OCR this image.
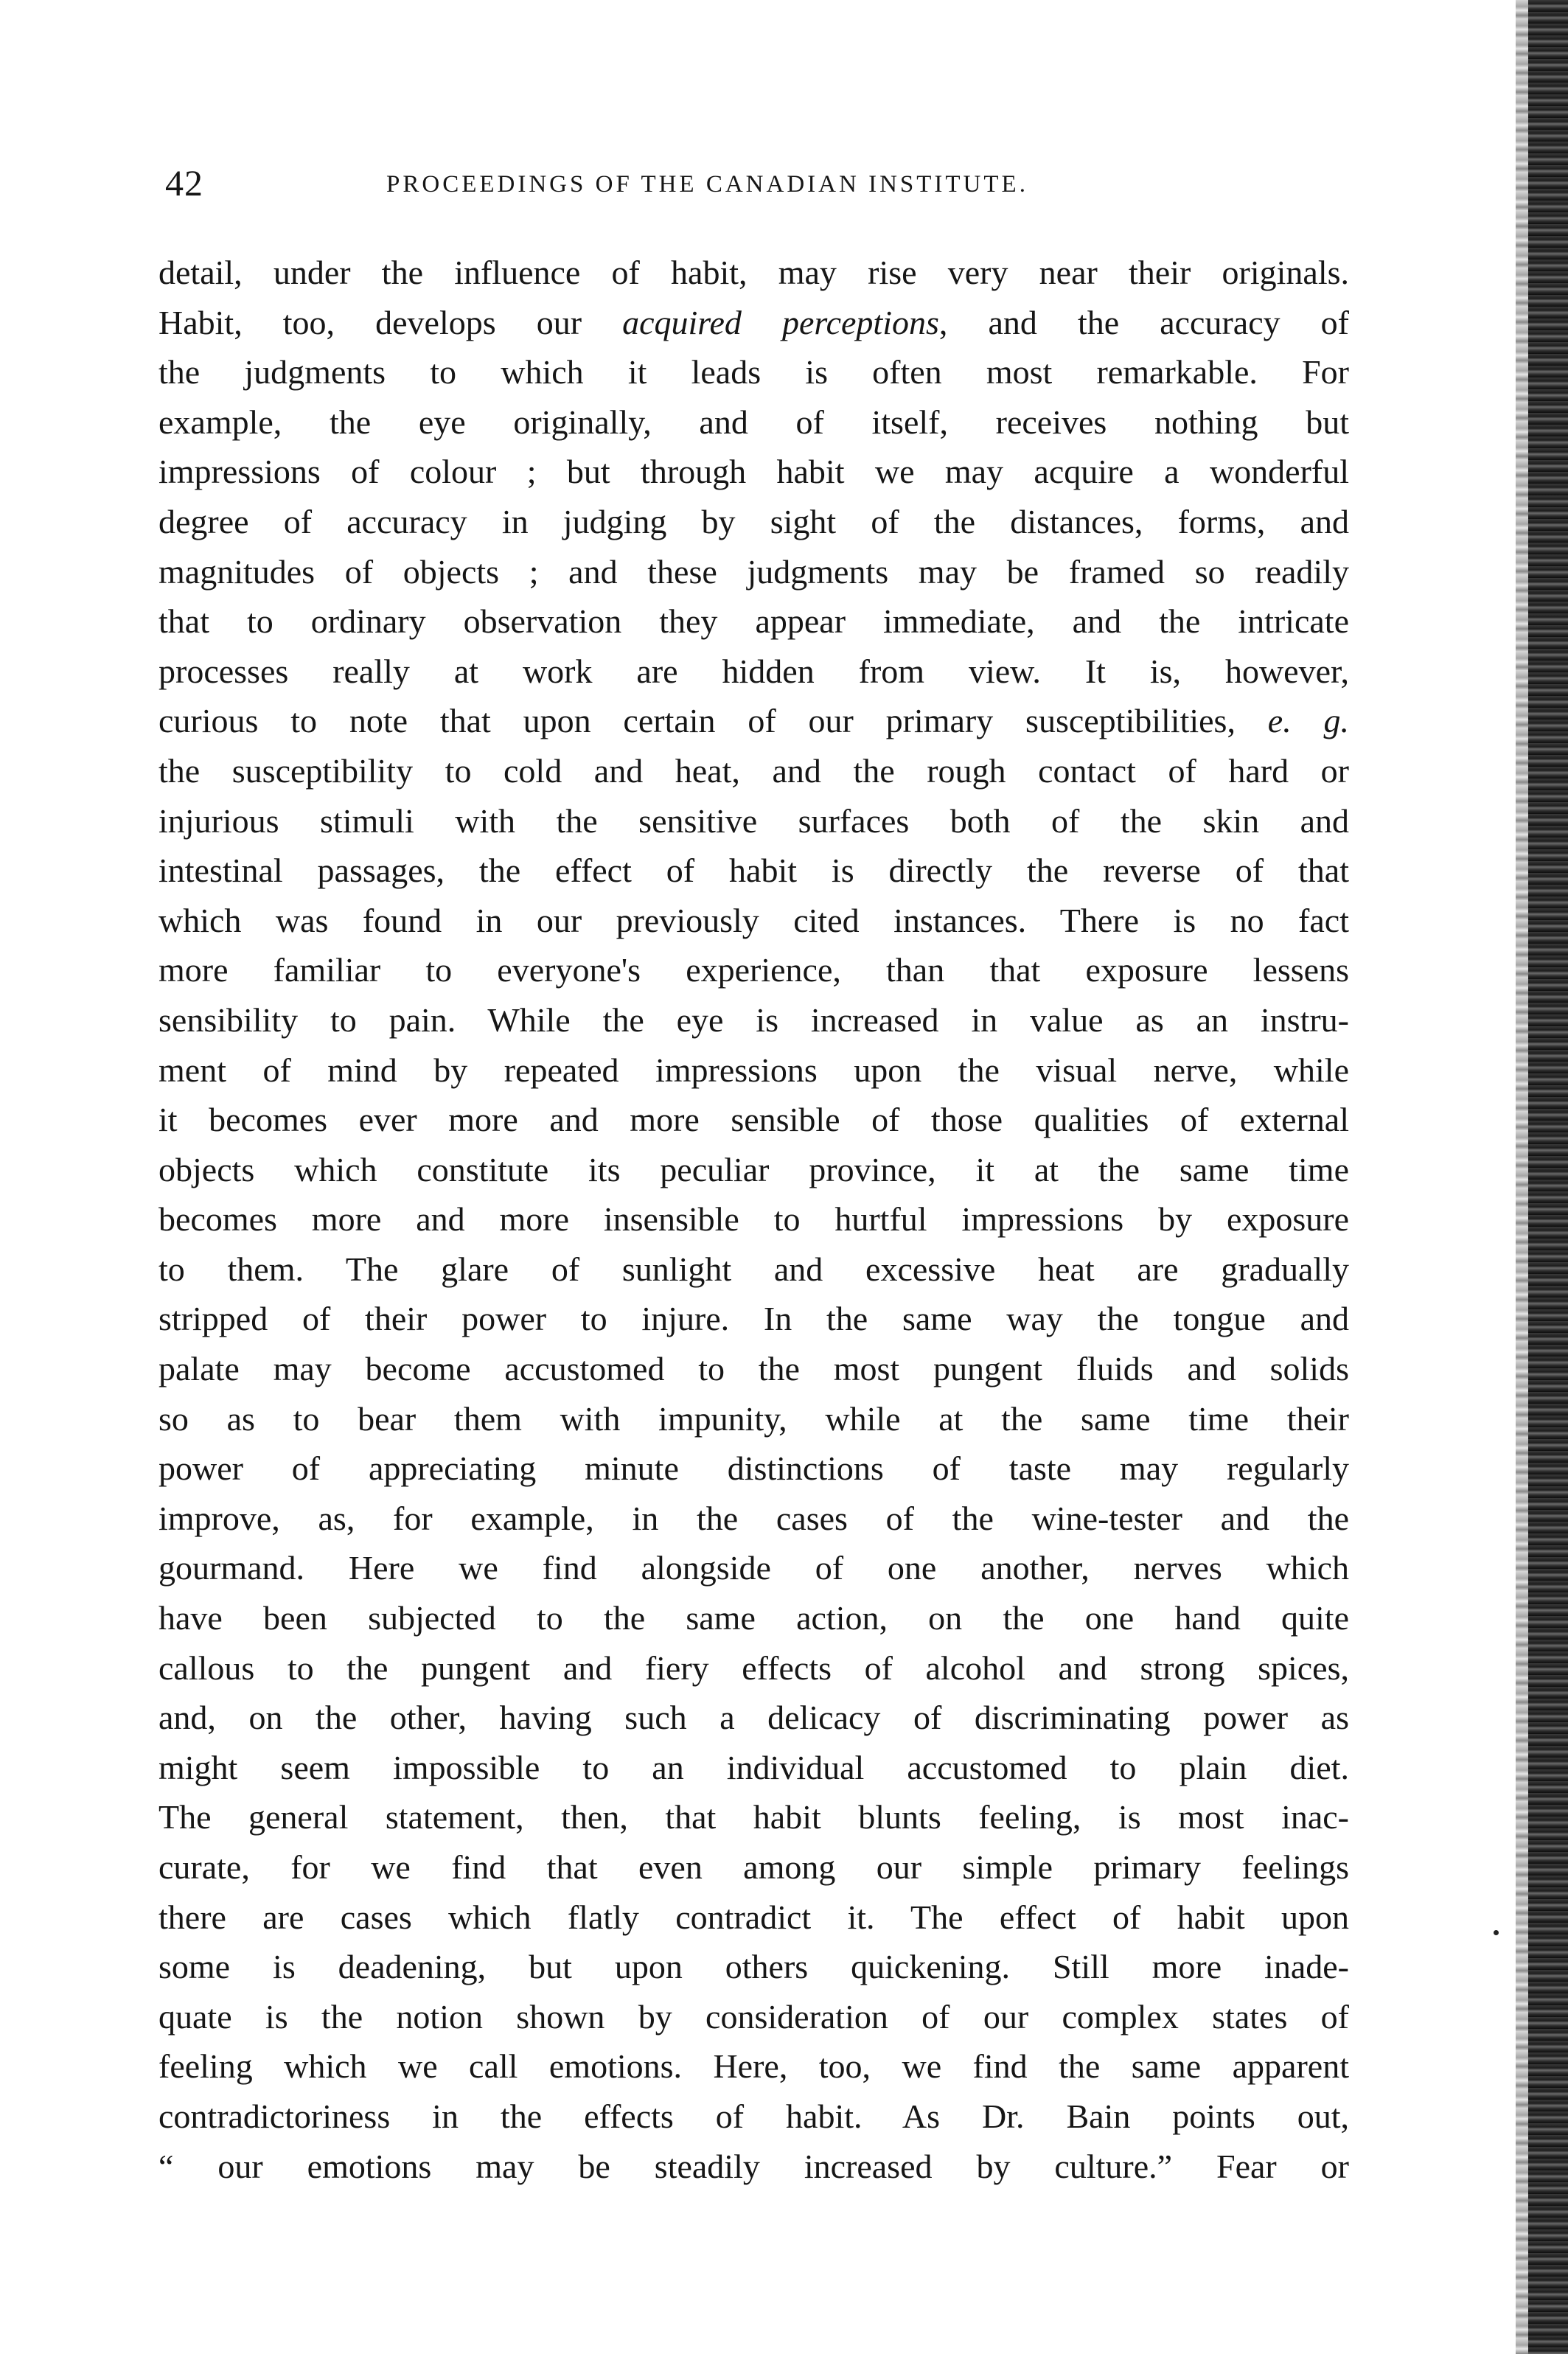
42	PROCEEDINGS OF THE CANADIAN INSTITUTE.
detail, under the influence of habit, may rise very near their originals.
Habit, too, develops our acquired perceptions, and the accuracy of
the judgments to which it leads is often most remarkable. For
example, the eye originally, and of itself, receives nothing but
impressions of colour ; but through habit we may acquire a wonderful
degree of accuracy in judging by sight of the distances, forms, and
magnitudes of objects ; and these judgments may be framed so readily
that to ordinary observation they appear immediate, and the intricate
processes really at work are hidden from view. It is, however,
curious to note that upon certain of our primary susceptibilities, e. g.
the susceptibility to cold and heat, and the rough contact of hard or
injurious stimuli with the sensitive surfaces both of the skin and
intestinal passages, the effect of habit is directly the reverse of that
which was found in our previously cited instances. There is no fact
more familiar to everyone's experience, than that exposure lessens
sensibility to pain. While the eye is increased in value as an instru-
ment of mind by repeated impressions upon the visual nerve, while
it becomes ever more and more sensible of those qualities of external
objects which constitute its peculiar province, it at the same time
becomes more and more insensible to hurtful impressions by exposure
to them. The glare of sunlight and excessive heat are gradually
stripped of their power to injure. In the same way the tongue and
palate may become accustomed to the most pungent fluids and solids
so as to bear them with impunity, while at the same time their
power of appreciating minute distinctions of taste may regularly
improve, as, for example, in the cases of the wine-tester and the
gourmand. Here we find alongside of one another, nerves which
have been subjected to the same action, on the one hand quite
callous to the pungent and fiery effects of alcohol and strong spices,
and, on the other, having such a delicacy of discriminating power as
might seem impossible to an individual accustomed to plain diet.
The general statement, then, that habit blunts feeling, is most inac-
curate, for we find that even among our simple primary feelings
there are cases which flatly contradict it. The effect of habit upon
some is deadening, but upon others quickening. Still more inade-
quate is the notion shown by consideration of our complex states of
feeling which we call emotions. Here, too, we find the same apparent
contradictoriness in the effects of habit. As Dr. Bain points out,
“ our emotions may be steadily increased by culture.” Fear or
